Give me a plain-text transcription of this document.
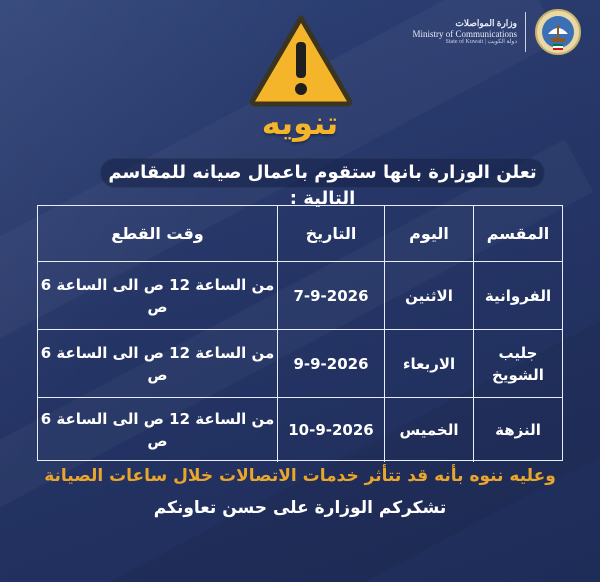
وزارة المواصلات
Ministry of Communications
State of Kuwait | دولة الكويت
تنويه
تعلن الوزارة بانها ستقوم باعمال صيانه للمقاسم التالية :
المقسم
اليوم
التاريخ
وقت القطع
الفروانية
الاثنين
7-9-2026
من الساعة 12 ص الى الساعة 6 ص
جليب الشويخ
الاربعاء
9-9-2026
من الساعة 12 ص الى الساعة 6 ص
النزهة
الخميس
10-9-2026
من الساعة 12 ص الى الساعة 6 ص
وعليه ننوه بأنه قد تتأثر خدمات الاتصالات خلال ساعات الصيانة
تشكركم الوزارة على حسن تعاونكم
